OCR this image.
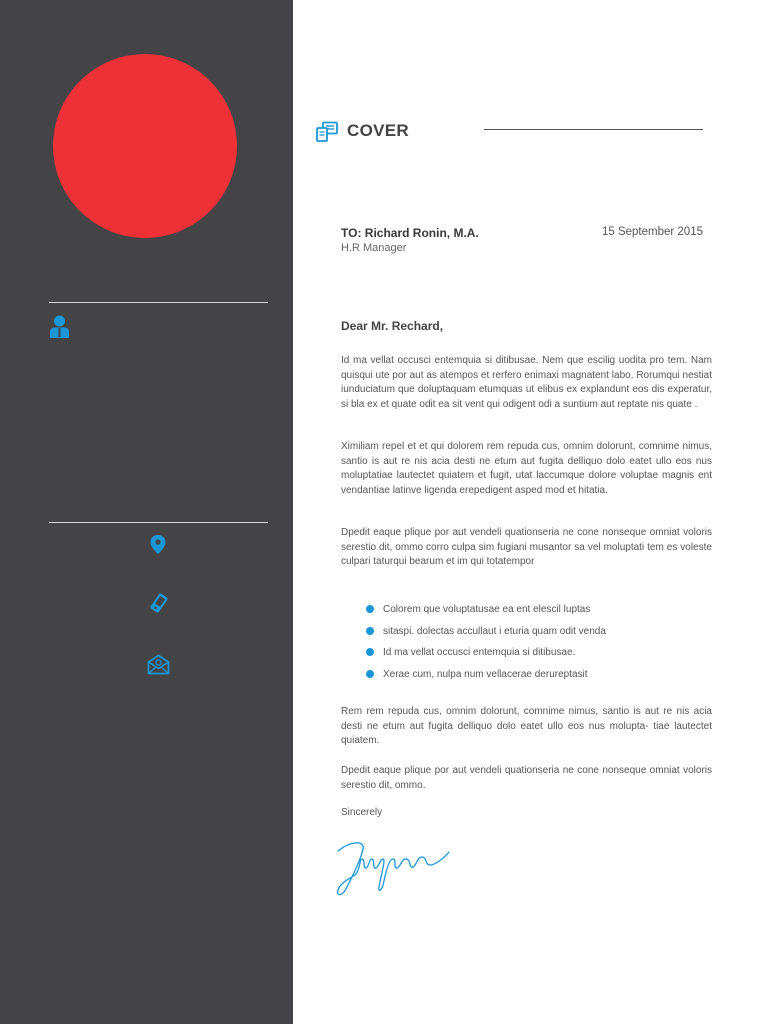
COVER
TO: Richard Ronin, M.A.
H.R Manager
15 September 2015
Dear Mr. Rechard,

Id ma vellat occusci entemquia si ditibusae. Nem que escilig uodita pro tem. Nam quisqui ute por aut as atempos et rerfero enimaxi magnatent labo. Rorumqui nestiat iunduciatum que doluptaquam etumquas ut elibus ex explandunt eos dis experatur, si bla ex et quate odit ea sit vent qui odigent odi a suntium aut reptate nis quate .

Ximiliam repel et et qui dolorem rem repuda cus, omnim dolorunt, comnime nimus, santio is aut re nis acia desti ne etum aut fugita delliquo dolo eatet ullo eos nus moluptatiae lautectet quiatem et fugit, utat laccumque dolore voluptae magnis ent vendantiae latinve ligenda erepedigent asped mod et hitatia.

Dpedit eaque plique por aut vendeli quationseria ne cone nonseque omniat voloris serestio dit, ommo corro culpa sim fugiani musantor sa vel moluptati tem es voleste culpari taturqui bearum et im qui totatempor

Colorem que voluptatusae ea ent elescil luptas
sitaspi. dolectas accullaut i eturia quam odit venda
Id ma vellat occusci entemquia si ditibusae.
Xerae cum, nulpa num vellacerae derureptasit

Rem rem repuda cus, omnim dolorunt, comnime nimus, santio is aut re nis acia desti ne etum aut fugita delliquo dolo eatet ullo eos nus molupta- tiae lautectet quiatem.

Dpedit eaque plique por aut vendeli quationseria ne cone nonseque omniat voloris serestio dit, ommo.

Sincerely
